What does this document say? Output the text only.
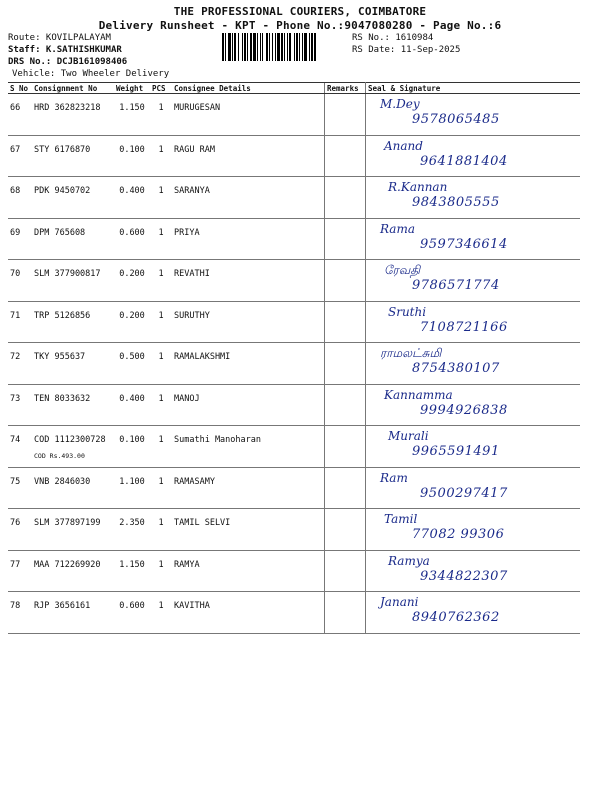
THE PROFESSIONAL COURIERS, COIMBATORE
Delivery Runsheet - KPT - Phone No.:9047080280 - Page No.:6
Route: KOVILPALAYAM
Staff: K.SATHISHKUMAR
DRS No.: DCJB161098406
Vehicle: Two Wheeler Delivery
RS No.: 1610984
RS Date: 11-Sep-2025
S No	Consignment No	Weight	PCS	Consignee Details	Remarks	Seal & Signature
66	HRD 362823218	1.150	1	MURUGESAN		M.Dey
9578065485

67	STY 6176870	0.100	1	RAGU RAM		Anand
9641881404

68	PDK 9450702	0.400	1	SARANYA		R.Kannan
9843805555

69	DPM 765608	0.600	1	PRIYA		Rama
9597346614

70	SLM 377900817	0.200	1	REVATHI		ரேவதி
9786571774

71	TRP 5126856	0.200	1	SURUTHY		Sruthi
7108721166

72	TKY 955637	0.500	1	RAMALAKSHMI		ராமலட்சுமி
8754380107

73	TEN 8033632	0.400	1	MANOJ		Kannamma
9994926838

74	COD 1112300728
COD Rs.493.00	0.100	1	Sumathi Manoharan		Murali
9965591491

75	VNB 2846030	1.100	1	RAMASAMY		Ram
9500297417

76	SLM 377897199	2.350	1	TAMIL SELVI		Tamil
77082 99306

77	MAA 712269920	1.150	1	RAMYA		Ramya
9344822307

78	RJP 3656161	0.600	1	KAVITHA		Janani
8940762362
